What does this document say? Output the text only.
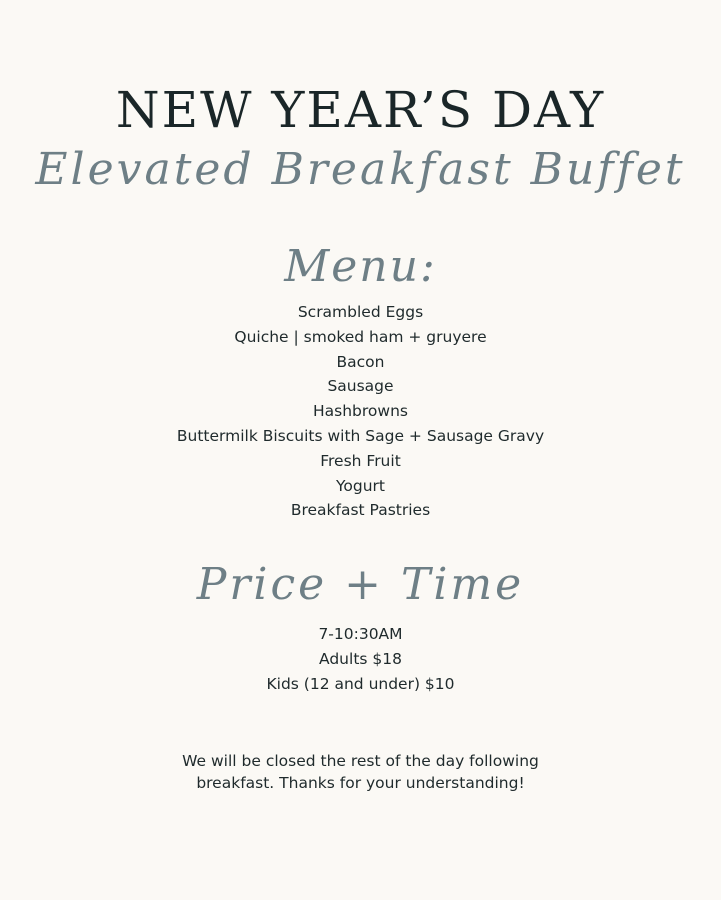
NEW YEAR’S DAY
Elevated Breakfast Buffet
Menu:
Scrambled Eggs
Quiche | smoked ham + gruyere
Bacon
Sausage
Hashbrowns
Buttermilk Biscuits with Sage + Sausage Gravy
Fresh Fruit
Yogurt
Breakfast Pastries
Price + Time
7-10:30AM
Adults $18
Kids (12 and under) $10
We will be closed the rest of the day following
breakfast. Thanks for your understanding!
